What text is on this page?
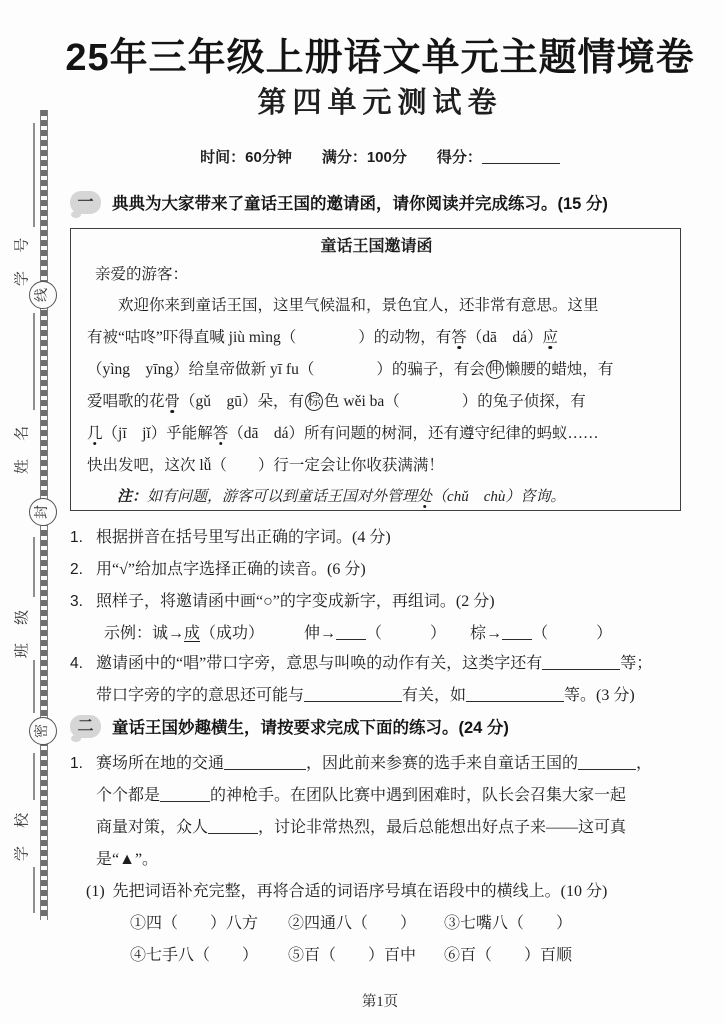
学 号
姓 名
班 级
学 校
线
封
密
25年三年级上册语文单元主题情境卷
第四单元测试卷
时间：60分钟　　满分：100分　　得分：
一	典典为大家带来了童话王国的邀请函，请你阅读并完成练习。(15 分)
童话王国邀请函
亲爱的游客：
欢迎你来到童话王国，这里气候温和，景色宜人，还非常有意思。这里
有被“咕咚”吓得直喊 jiù mìng（　　　　）的动物，有答（dā　dá）应
（yìng　yīng）给皇帝做新 yī fu（　　　　）的骗子，有会 伸 懒腰的蜡烛，有
爱唱歌的花骨（gǔ　gū）朵，有 棕 色 wěi ba（　　　　）的兔子侦探，有
几（jī　jǐ）乎能解答（dā　dá）所有问题的树洞，还有遵守纪律的蚂蚁……
快出发吧，这次 lǚ（　　）行一定会让你收获满满！
注：如有问题，游客可以到童话王国对外管理处（chǔ　chù）咨询。
1. 根据拼音在括号里写出正确的字词。(4 分)
2. 用“√”给加点字选择正确的读音。(6 分)
3. 照样子，将邀请函中画“○”的字变成新字，再组词。(2 分)
示例：诚→成（成功）　　　伸→ （　　　）　　棕→ （　　　）
4. 邀请函中的“唱”带口字旁，意思与叫唤的动作有关，这类字还有	等；
带口字旁的字的意思还可能与	有关，如	等。(3 分)
二	童话王国妙趣横生，请按要求完成下面的练习。(24 分)
1. 赛场所在地的交通	，因此前来参赛的选手来自童话王国的	，
个个都是	的神枪手。在团队比赛中遇到困难时，队长会召集大家一起
商量对策，众人	，讨论非常热烈，最后总能想出好点子来——这可真
是“▲”。
(1) 先把词语补充完整，再将合适的词语序号填在语段中的横线上。(10 分)
①四（　　）八方 ②四通八（　　） ③七嘴八（　　）
④七手八（　　） ⑤百（　　）百中 ⑥百（　　）百顺
第1页
